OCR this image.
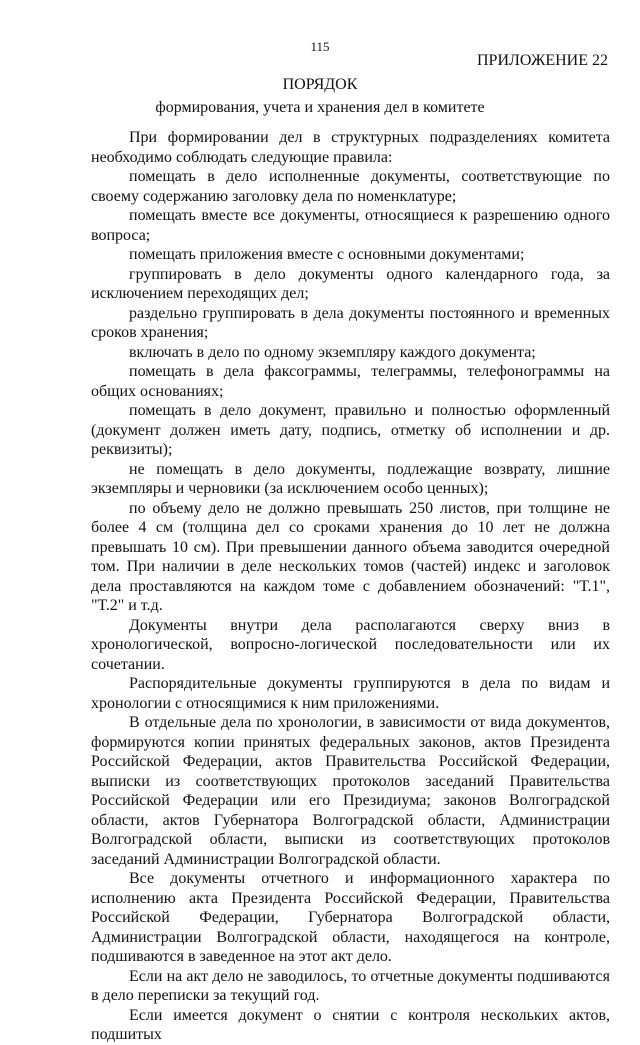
115
ПРИЛОЖЕНИЕ 22
ПОРЯДОК
формирования, учета и хранения дел в комитете

При формировании дел в структурных подразделениях комитета необходимо соблюдать следующие правила:

помещать в дело исполненные документы, соответствующие по своему содержанию заголовку дела по номенклатуре;

помещать вместе все документы, относящиеся к разрешению одного вопроса;

помещать приложения вместе с основными документами;

группировать в дело документы одного календарного года, за исключением переходящих дел;

раздельно группировать в дела документы постоянного и временных сроков хранения;

включать в дело по одному экземпляру каждого документа;

помещать в дела факсограммы, телеграммы, телефонограммы на общих основаниях;

помещать в дело документ, правильно и полностью оформленный (документ должен иметь дату, подпись, отметку об исполнении и др. реквизиты);

не помещать в дело документы, подлежащие возврату, лишние экземпляры и черновики (за исключением особо ценных);

по объему дело не должно превышать 250 листов, при толщине не более 4 см (толщина дел со сроками хранения до 10 лет не должна превышать 10 см). При превышении данного объема заводится очередной том. При наличии в деле нескольких томов (частей) индекс и заголовок дела проставляются на каждом томе с добавлением обозначений: "Т.1", "Т.2" и т.д.

Документы внутри дела располагаются сверху вниз в хронологической, вопросно-логической последовательности или их сочетании.

Распорядительные документы группируются в дела по видам и хронологии с относящимися к ним приложениями.

В отдельные дела по хронологии, в зависимости от вида документов, формируются копии принятых федеральных законов, актов Президента Российской Федерации, актов Правительства Российской Федерации, выписки из соответствующих протоколов заседаний Правительства Российской Федерации или его Президиума; законов Волгоградской области, актов Губернатора Волгоградской области, Администрации Волгоградской области, выписки из соответствующих протоколов заседаний Администрации Волгоградской области.

Все документы отчетного и информационного характера по исполнению акта Президента Российской Федерации, Правительства Российской Федерации, Губернатора Волгоградской области, Администрации Волгоградской области, находящегося на контроле, подшиваются в заведенное на этот акт дело.

Если на акт дело не заводилось, то отчетные документы подшиваются в дело переписки за текущий год.

Если имеется документ о снятии с контроля нескольких актов, подшитых
